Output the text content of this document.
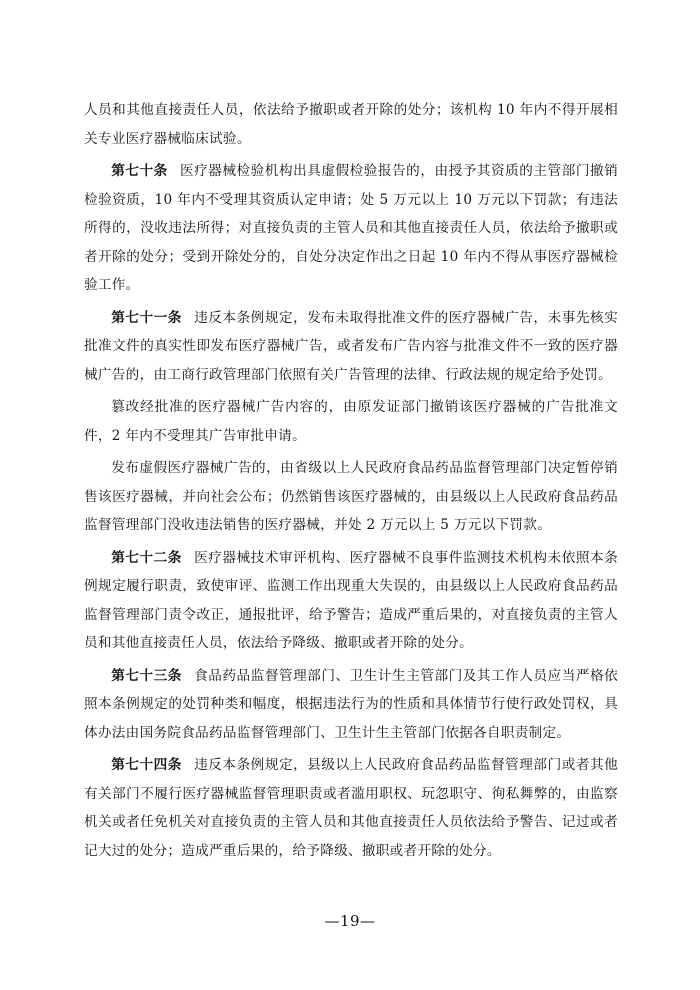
人员和其他直接责任人员，依法给予撤职或者开除的处分；该机构 10 年内不得开展相关专业医疗器械临床试验。

第七十条 医疗器械检验机构出具虚假检验报告的，由授予其资质的主管部门撤销检验资质，10 年内不受理其资质认定申请；处 5 万元以上 10 万元以下罚款；有违法所得的，没收违法所得；对直接负责的主管人员和其他直接责任人员，依法给予撤职或者开除的处分；受到开除处分的，自处分决定作出之日起 10 年内不得从事医疗器械检验工作。

第七十一条 违反本条例规定，发布未取得批准文件的医疗器械广告，未事先核实批准文件的真实性即发布医疗器械广告，或者发布广告内容与批准文件不一致的医疗器械广告的，由工商行政管理部门依照有关广告管理的法律、行政法规的规定给予处罚。

篡改经批准的医疗器械广告内容的，由原发证部门撤销该医疗器械的广告批准文件，2 年内不受理其广告审批申请。

发布虚假医疗器械广告的，由省级以上人民政府食品药品监督管理部门决定暂停销售该医疗器械，并向社会公布；仍然销售该医疗器械的，由县级以上人民政府食品药品监督管理部门没收违法销售的医疗器械，并处 2 万元以上 5 万元以下罚款。

第七十二条 医疗器械技术审评机构、医疗器械不良事件监测技术机构未依照本条例规定履行职责，致使审评、监测工作出现重大失误的，由县级以上人民政府食品药品监督管理部门责令改正，通报批评，给予警告；造成严重后果的，对直接负责的主管人员和其他直接责任人员，依法给予降级、撤职或者开除的处分。

第七十三条 食品药品监督管理部门、卫生计生主管部门及其工作人员应当严格依照本条例规定的处罚种类和幅度，根据违法行为的性质和具体情节行使行政处罚权，具体办法由国务院食品药品监督管理部门、卫生计生主管部门依据各自职责制定。

第七十四条 违反本条例规定，县级以上人民政府食品药品监督管理部门或者其他有关部门不履行医疗器械监督管理职责或者滥用职权、玩忽职守、徇私舞弊的，由监察机关或者任免机关对直接负责的主管人员和其他直接责任人员依法给予警告、记过或者记大过的处分；造成严重后果的，给予降级、撤职或者开除的处分。

—19—
